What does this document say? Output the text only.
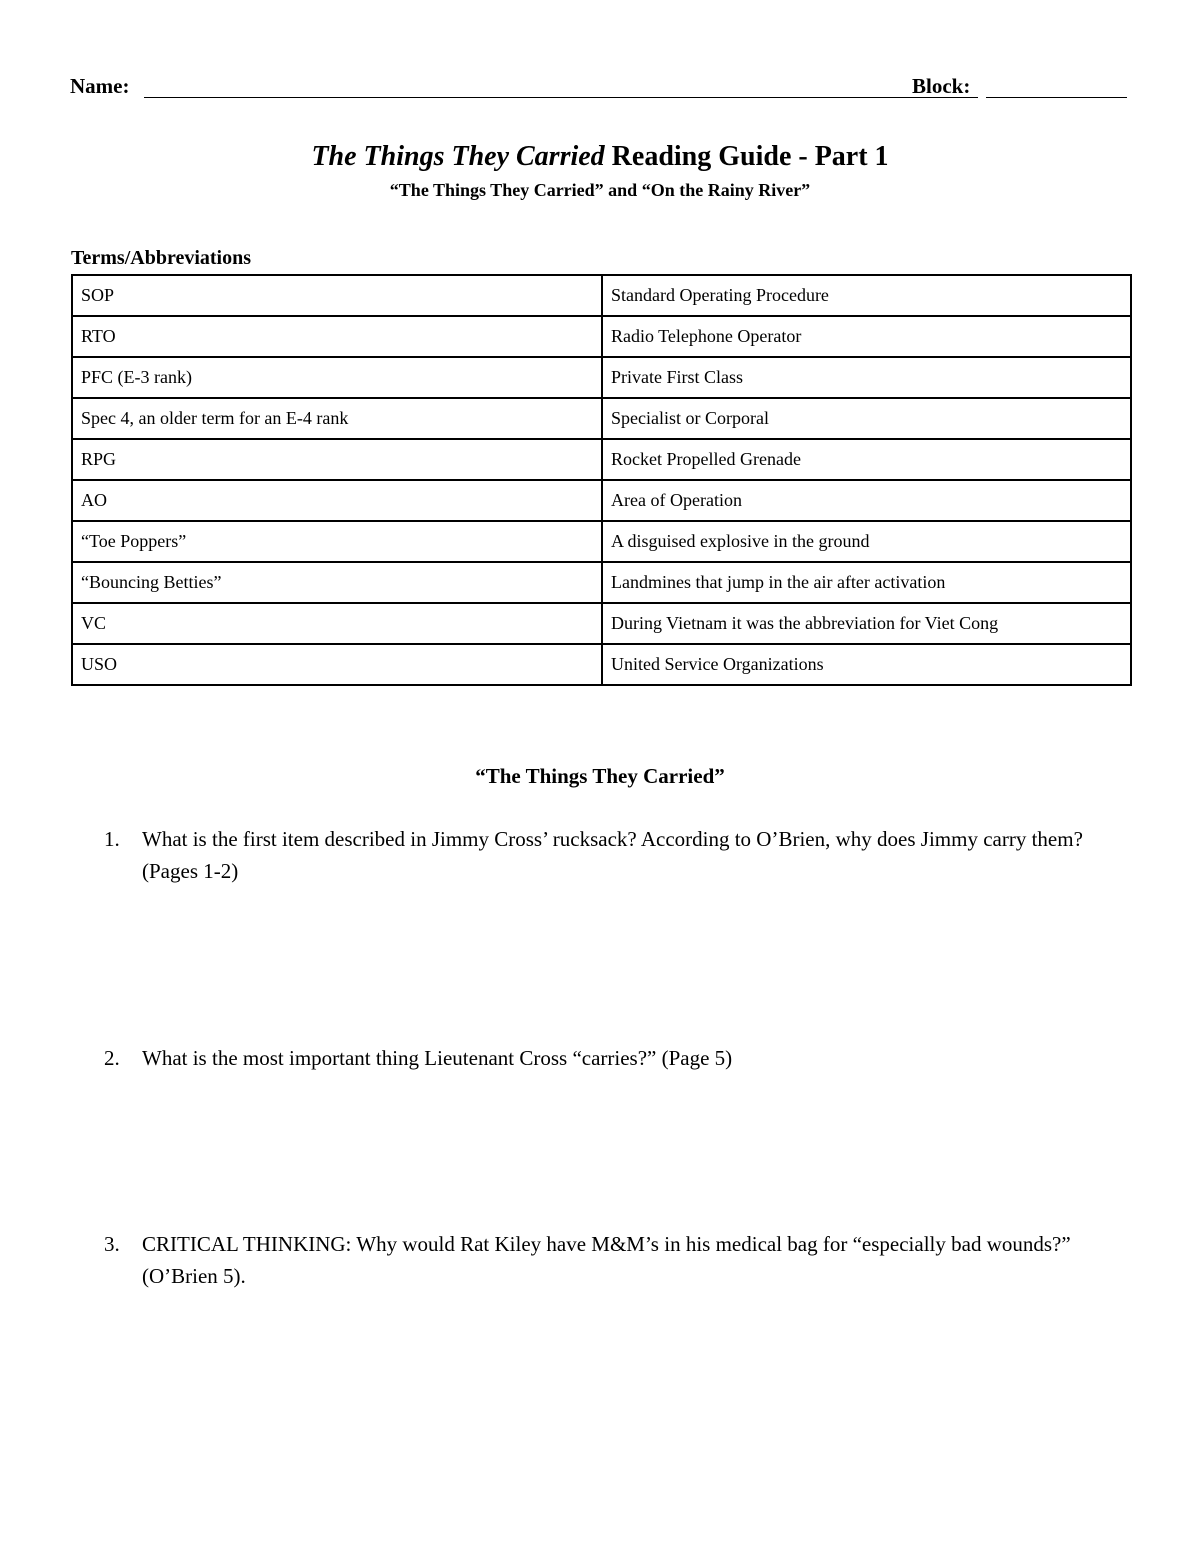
Name:	Block:
The Things They Carried Reading Guide - Part 1

“The Things They Carried” and “On the Rainy River”

Terms/Abbreviations

SOP	Standard Operating Procedure
RTO	Radio Telephone Operator
PFC (E-3 rank)	Private First Class
Spec 4, an older term for an E-4 rank	Specialist or Corporal
RPG	Rocket Propelled Grenade
AO	Area of Operation
“Toe Poppers”	A disguised explosive in the ground
“Bouncing Betties”	Landmines that jump in the air after activation
VC	During Vietnam it was the abbreviation for Viet Cong
USO	United Service Organizations

“The Things They Carried”

1. What is the first item described in Jimmy Cross’ rucksack? According to O’Brien, why does Jimmy carry them? (Pages 1-2)
2. What is the most important thing Lieutenant Cross “carries?” (Page 5)
3. CRITICAL THINKING: Why would Rat Kiley have M&M’s in his medical bag for “especially bad wounds?” (O’Brien 5).
